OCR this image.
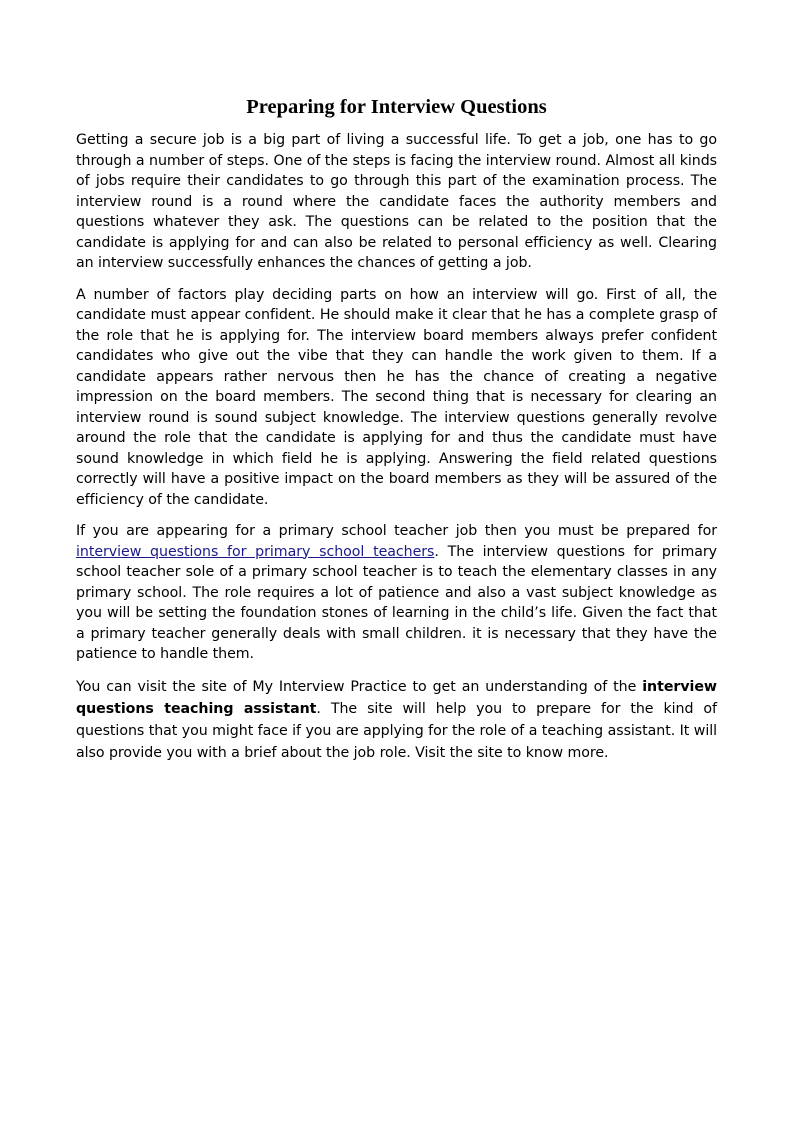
Preparing for Interview Questions

Getting a secure job is a big part of living a successful life. To get a job, one has to go through a number of steps. One of the steps is facing the interview round. Almost all kinds of jobs require their candidates to go through this part of the examination process. The interview round is a round where the candidate faces the authority members and questions whatever they ask. The questions can be related to the position that the candidate is applying for and can also be related to personal efficiency as well. Clearing an interview successfully enhances the chances of getting a job.

A number of factors play deciding parts on how an interview will go. First of all, the candidate must appear confident. He should make it clear that he has a complete grasp of the role that he is applying for. The interview board members always prefer confident candidates who give out the vibe that they can handle the work given to them. If a candidate appears rather nervous then he has the chance of creating a negative impression on the board members. The second thing that is necessary for clearing an interview round is sound subject knowledge. The interview questions generally revolve around the role that the candidate is applying for and thus the candidate must have sound knowledge in which field he is applying. Answering the field related questions correctly will have a positive impact on the board members as they will be assured of the efficiency of the candidate.

If you are appearing for a primary school teacher job then you must be prepared for interview questions for primary school teachers. The interview questions for primary school teacher sole of a primary school teacher is to teach the elementary classes in any primary school. The role requires a lot of patience and also a vast subject knowledge as you will be setting the foundation stones of learning in the child’s life. Given the fact that a primary teacher generally deals with small children. it is necessary that they have the patience to handle them.

You can visit the site of My Interview Practice to get an understanding of the interview questions teaching assistant. The site will help you to prepare for the kind of questions that you might face if you are applying for the role of a teaching assistant. It will also provide you with a brief about the job role. Visit the site to know more.
